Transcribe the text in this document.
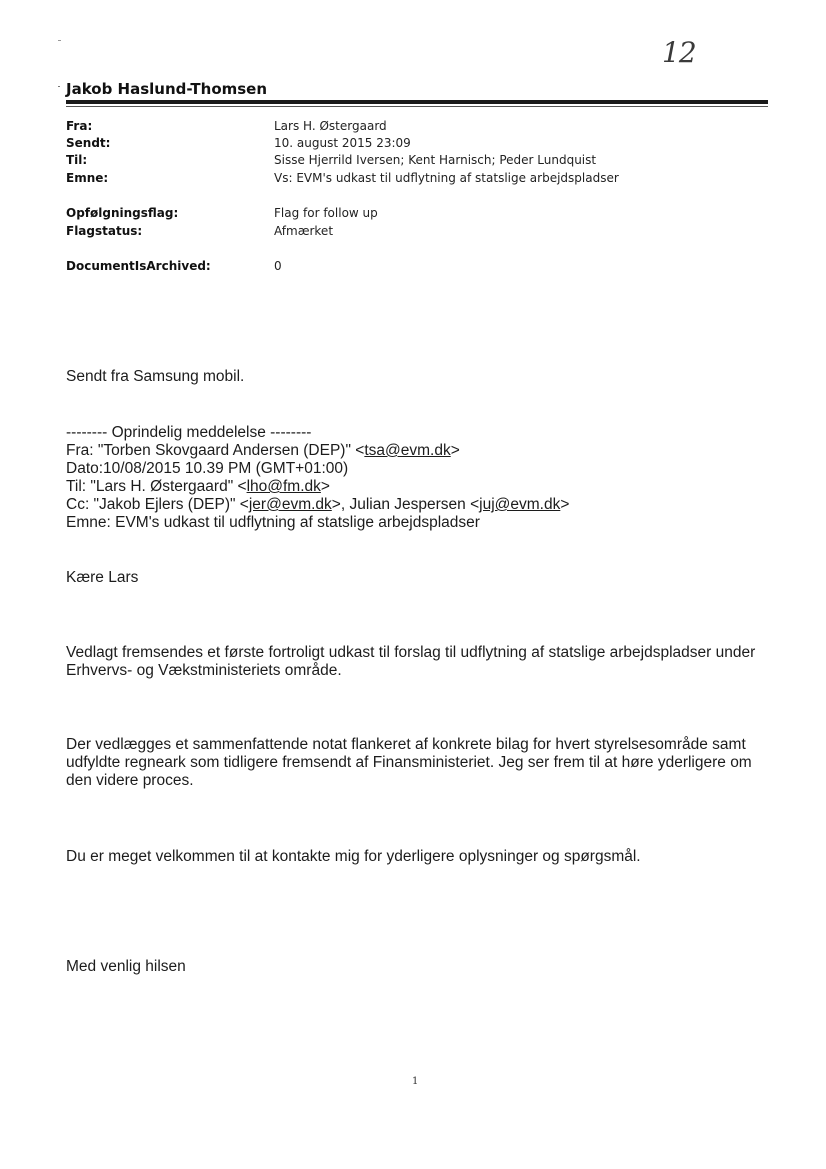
12
Jakob Haslund-Thomsen
Fra:	Lars H. Østergaard
Sendt:	10. august 2015 23:09
Til:	Sisse Hjerrild Iversen; Kent Harnisch; Peder Lundquist
Emne:	Vs: EVM's udkast til udflytning af statslige arbejdspladser
Opfølgningsflag:	Flag for follow up
Flagstatus:	Afmærket
DocumentIsArchived:	0
Sendt fra Samsung mobil.
-------- Oprindelig meddelelse --------
Fra: "Torben Skovgaard Andersen (DEP)" <tsa@evm.dk>
Dato:10/08/2015 10.39 PM (GMT+01:00)
Til: "Lars H. Østergaard" <lho@fm.dk>
Cc: "Jakob Ejlers (DEP)" <jer@evm.dk>, Julian Jespersen <juj@evm.dk>
Emne: EVM's udkast til udflytning af statslige arbejdspladser
Kære Lars
Vedlagt fremsendes et første fortroligt udkast til forslag til udflytning af statslige arbejdspladser under Erhvervs- og Vækstministeriets område.
Der vedlægges et sammenfattende notat flankeret af konkrete bilag for hvert styrelsesområde samt udfyldte regneark som tidligere fremsendt af Finansministeriet. Jeg ser frem til at høre yderligere om den videre proces.
Du er meget velkommen til at kontakte mig for yderligere oplysninger og spørgsmål.
Med venlig hilsen
1
